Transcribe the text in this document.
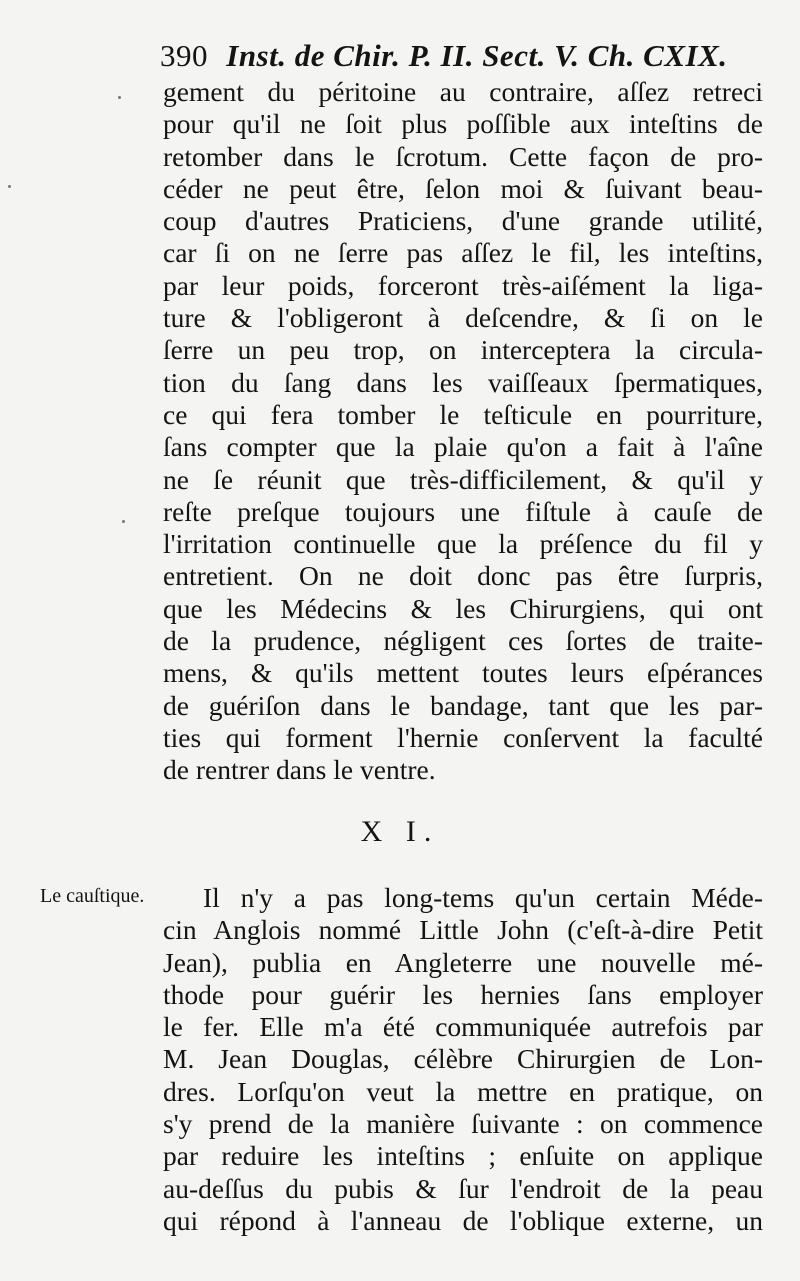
390 Inst. de Chir. P. II. Sect. V. Ch. CXIX.
gement du péritoine au contraire, aſſez retreci
pour qu'il ne ſoit plus poſſible aux inteſtins de
retomber dans le ſcrotum. Cette façon de pro-
céder ne peut être, ſelon moi & ſuivant beau-
coup d'autres Praticiens, d'une grande utilité,
car ſi on ne ſerre pas aſſez le fil, les inteſtins,
par leur poids, forceront très-aiſément la liga-
ture & l'obligeront à deſcendre, & ſi on le
ſerre un peu trop, on interceptera la circula-
tion du ſang dans les vaiſſeaux ſpermatiques,
ce qui fera tomber le teſticule en pourriture,
ſans compter que la plaie qu'on a fait à l'aîne
ne ſe réunit que très-difficilement, & qu'il y
reſte preſque toujours une fiſtule à cauſe de
l'irritation continuelle que la préſence du fil y
entretient. On ne doit donc pas être ſurpris,
que les Médecins & les Chirurgiens, qui ont
de la prudence, négligent ces ſortes de traite-
mens, & qu'ils mettent toutes leurs eſpérances
de guériſon dans le bandage, tant que les par-
ties qui forment l'hernie conſervent la faculté
de rentrer dans le ventre.
X I.
Le cauſtique.	Il n'y a pas long-tems qu'un certain Méde-
cin Anglois nommé Little John (c'eſt-à-dire Petit
Jean), publia en Angleterre une nouvelle mé-
thode pour guérir les hernies ſans employer
le fer. Elle m'a été communiquée autrefois par
M. Jean Douglas, célèbre Chirurgien de Lon-
dres. Lorſqu'on veut la mettre en pratique, on
s'y prend de la manière ſuivante : on commence
par reduire les inteſtins ; enſuite on applique
au-deſſus du pubis & ſur l'endroit de la peau
qui répond à l'anneau de l'oblique externe, un
